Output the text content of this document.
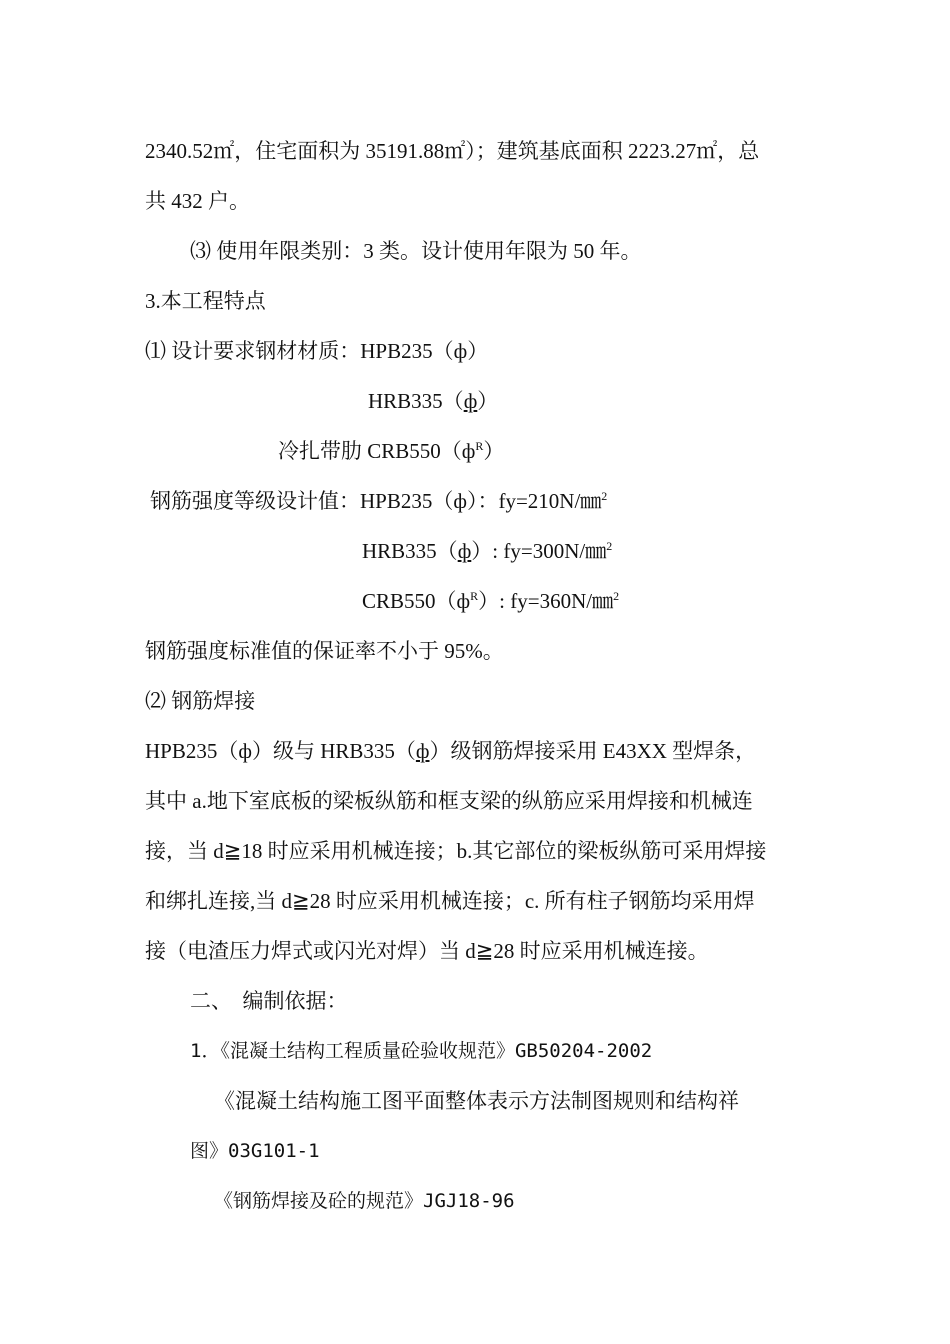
2340.52㎡，住宅面积为 35191.88㎡）；建筑基底面积 2223.27㎡，总
共 432 户。
⑶ 使用年限类别：3 类。设计使用年限为 50 年。
3.本工程特点
⑴ 设计要求钢材材质：HPB235（ф）
HRB335（ф）
冷扎带肋 $CRB550(ф^R)$
钢筋强度等级设计值：HPB235（ф）：fy=210N/㎜$^2$
HRB335（ф）: fy=300N/㎜$^2$
$CRB550(ф^R)$: fy=360N/㎜$^2$
钢筋强度标准值的保证率不小于 95%。
⑵ 钢筋焊接
HPB235（ф）级与 HRB335（ф）级钢筋焊接采用 E43XX 型焊条，
其中 a.地下室底板的梁板纵筋和框支梁的纵筋应采用焊接和机械连
接，当 d≧18 时应采用机械连接；b.其它部位的梁板纵筋可采用焊接
和绑扎连接,当 d≧28 时应采用机械连接；c. 所有柱子钢筋均采用焊
接（电渣压力焊式或闪光对焊）当 d≧28 时应采用机械连接。
二、　编制依据：
1．《混凝土结构工程质量砼验收规范》GB50204-2002
《混凝土结构施工图平面整体表示方法制图规则和结构祥
图》03G101-1
《钢筋焊接及砼的规范》JGJ18-96
